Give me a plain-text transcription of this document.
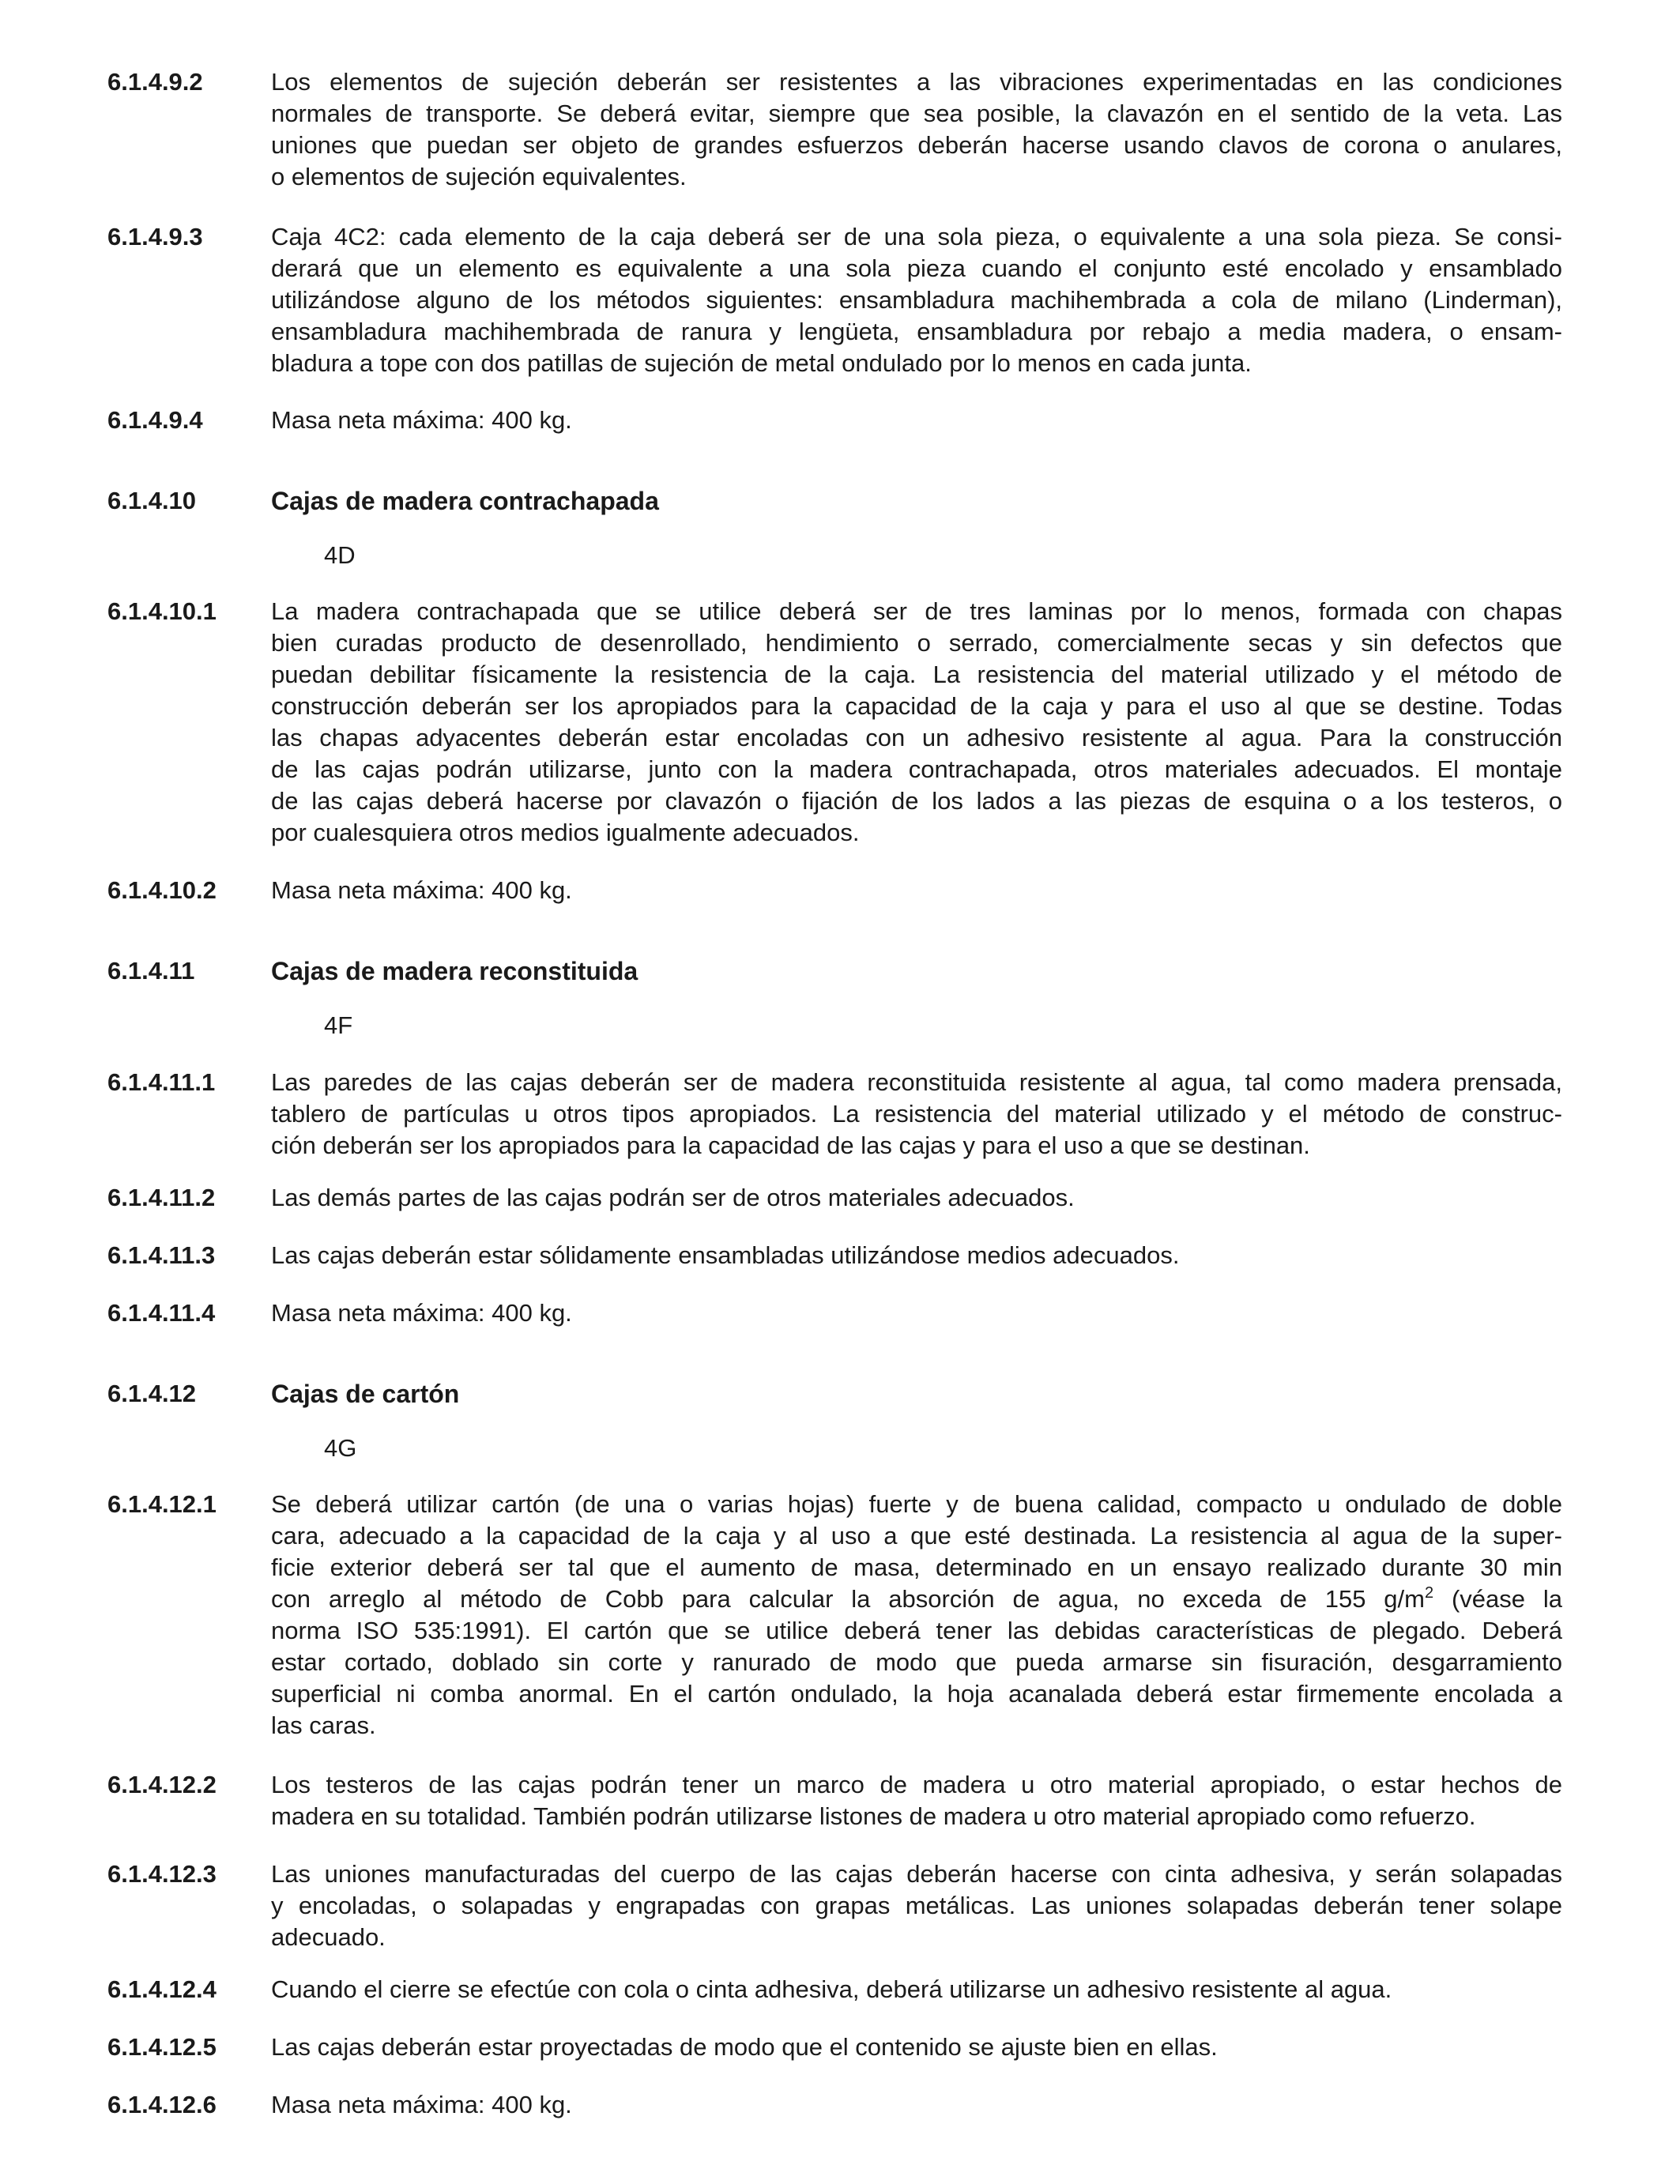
6.1.4.9.2	Los elementos de sujeción deberán ser resistentes a las vibraciones experimentadas en las condiciones
normales de transporte. Se deberá evitar, siempre que sea posible, la clavazón en el sentido de la veta. Las
uniones que puedan ser objeto de grandes esfuerzos deberán hacerse usando clavos de corona o anulares,
o elementos de sujeción equivalentes.
6.1.4.9.3	Caja 4C2: cada elemento de la caja deberá ser de una sola pieza, o equivalente a una sola pieza. Se consi-
derará que un elemento es equivalente a una sola pieza cuando el conjunto esté encolado y ensamblado
utilizándose alguno de los métodos siguientes: ensambladura machihembrada a cola de milano (Linderman),
ensambladura machihembrada de ranura y lengüeta, ensambladura por rebajo a media madera, o ensam-
bladura a tope con dos patillas de sujeción de metal ondulado por lo menos en cada junta.
6.1.4.9.4	Masa neta máxima: 400 kg.
6.1.4.10	Cajas de madera contrachapada
4D
6.1.4.10.1 La madera contrachapada que se utilice deberá ser de tres laminas por lo menos, formada con chapas
bien curadas producto de desenrollado, hendimiento o serrado, comercialmente secas y sin defectos que
puedan debilitar físicamente la resistencia de la caja. La resistencia del material utilizado y el método de
construcción deberán ser los apropiados para la capacidad de la caja y para el uso al que se destine. Todas
las chapas adyacentes deberán estar encoladas con un adhesivo resistente al agua. Para la construcción
de las cajas podrán utilizarse, junto con la madera contrachapada, otros materiales adecuados. El montaje
de las cajas deberá hacerse por clavazón o fijación de los lados a las piezas de esquina o a los testeros, o
por cualesquiera otros medios igualmente adecuados.
6.1.4.10.2 Masa neta máxima: 400 kg.
6.1.4.11	Cajas de madera reconstituida
4F
6.1.4.11.1 Las paredes de las cajas deberán ser de madera reconstituida resistente al agua, tal como madera prensada,
tablero de partículas u otros tipos apropiados. La resistencia del material utilizado y el método de construc-
ción deberán ser los apropiados para la capacidad de las cajas y para el uso a que se destinan.
6.1.4.11.2 Las demás partes de las cajas podrán ser de otros materiales adecuados.
6.1.4.11.3 Las cajas deberán estar sólidamente ensambladas utilizándose medios adecuados.
6.1.4.11.4 Masa neta máxima: 400 kg.
6.1.4.12	Cajas de cartón
4G
6.1.4.12.1 Se deberá utilizar cartón (de una o varias hojas) fuerte y de buena calidad, compacto u ondulado de doble
cara, adecuado a la capacidad de la caja y al uso a que esté destinada. La resistencia al agua de la super-
ficie exterior deberá ser tal que el aumento de masa, determinado en un ensayo realizado durante 30 min
con arreglo al método de Cobb para calcular la absorción de agua, no exceda de 155 $g/m^2$ (véase la
norma ISO 535:1991). El cartón que se utilice deberá tener las debidas características de plegado. Deberá
estar cortado, doblado sin corte y ranurado de modo que pueda armarse sin fisuración, desgarramiento
superficial ni comba anormal. En el cartón ondulado, la hoja acanalada deberá estar firmemente encolada a
las caras.
6.1.4.12.2 Los testeros de las cajas podrán tener un marco de madera u otro material apropiado, o estar hechos de
madera en su totalidad. También podrán utilizarse listones de madera u otro material apropiado como refuerzo.
6.1.4.12.3 Las uniones manufacturadas del cuerpo de las cajas deberán hacerse con cinta adhesiva, y serán solapadas
y encoladas, o solapadas y engrapadas con grapas metálicas. Las uniones solapadas deberán tener solape
adecuado.
6.1.4.12.4 Cuando el cierre se efectúe con cola o cinta adhesiva, deberá utilizarse un adhesivo resistente al agua.
6.1.4.12.5 Las cajas deberán estar proyectadas de modo que el contenido se ajuste bien en ellas.
6.1.4.12.6 Masa neta máxima: 400 kg.
